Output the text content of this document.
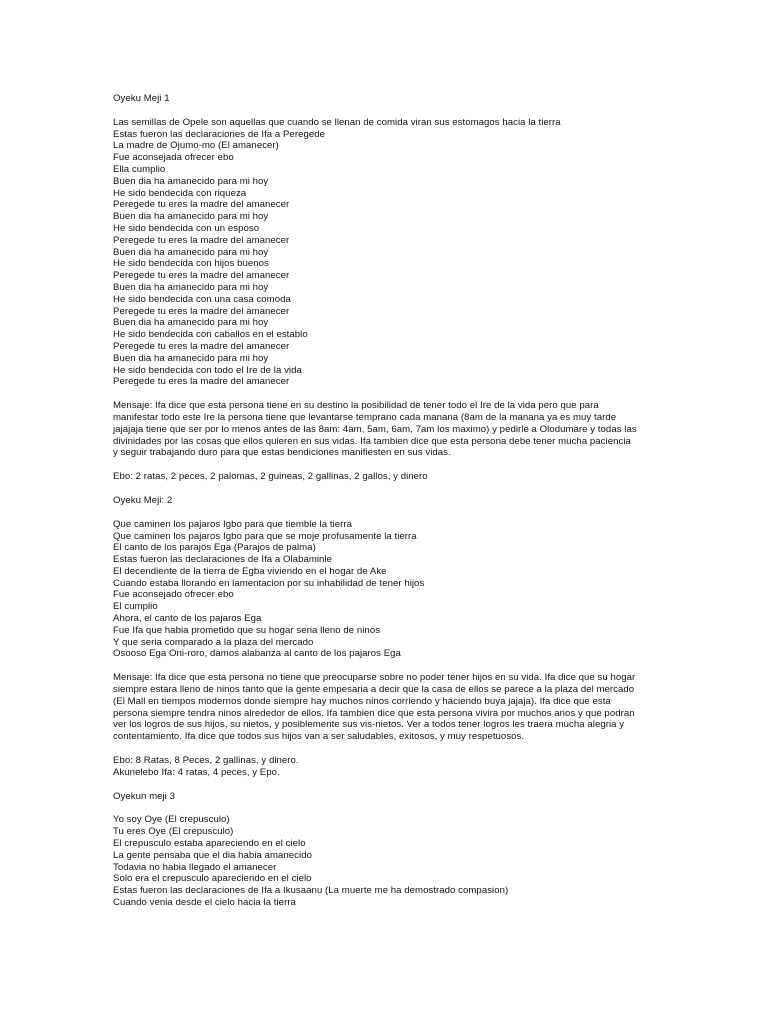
Oyeku Meji 1

Las semillas de Opele son aquellas que cuando se llenan de comida viran sus estomagos hacia la tierra
Estas fueron las declaraciones de Ifa a Peregede
La madre de Ojumo-mo (El amanecer)
Fue aconsejada ofrecer ebo
Ella cumplio
Buen dia ha amanecido para mi hoy
He sido bendecida con riqueza
Peregede tu eres la madre del amanecer
Buen dia ha amanecido para mi hoy
He sido bendecida con un esposo
Peregede tu eres la madre del amanecer
Buen dia ha amanecido para mi hoy
He sido bendecida con hijos buenos
Peregede tu eres la madre del amanecer
Buen dia ha amanecido para mi hoy
He sido bendecida con una casa comoda
Peregede tu eres la madre del amanecer
Buen dia ha amanecido para mi hoy
He sido bendecida con caballos en el establo
Peregede tu eres la madre del amanecer
Buen dia ha amanecido para mi hoy
He sido bendecida con todo el Ire de la vida
Peregede tu eres la madre del amanecer
Mensaje: Ifa dice que esta persona tiene en su destino la posibilidad de tener todo el Ire de la vida pero que para
manifestar todo este Ire la persona tiene que levantarse temprano cada manana (8am de la manana ya es muy tarde
jajajaja tiene que ser por lo menos antes de las 8am: 4am, 5am, 6am, 7am los maximo) y pedirle a Olodumare y todas las
divinidades por las cosas que ellos quieren en sus vidas. Ifa tambien dice que esta persona debe tener mucha paciencia
y seguir trabajando duro para que estas bendiciones manifiesten en sus vidas.
Ebo: 2 ratas, 2 peces, 2 palomas, 2 guineas, 2 gallinas, 2 gallos, y dinero

Oyeku Meji: 2

Que caminen los pajaros Igbo para que tiemble la tierra
Que caminen los pajaros Igbo para que se moje profusamente la tierra
El canto de los parajos Ega (Parajos de palma)
Estas fueron las declaraciones de Ifa a Olabaminle
El decendiente de la tierra de Egba viviendo en el hogar de Ake
Cuando estaba llorando en lamentacion por su inhabilidad de tener hijos
Fue aconsejado ofrecer ebo
El cumplio
Ahora, el canto de los pajaros Ega
Fue Ifa que habia prometido que su hogar seria lleno de ninos
Y que seria comparado a la plaza del mercado
Osooso Ega Oni-roro, damos alabanza al canto de los pajaros Ega
Mensaje: Ifa dice que esta persona no tiene que preocuparse sobre no poder tener hijos en su vida. Ifa dice que su hogar
siempre estara lleno de ninos tanto que la gente empesaria a decir que la casa de ellos se parece a la plaza del mercado
(El Mall en tiempos modernos donde siempre hay muchos ninos corriendo y haciendo buya jajaja). Ifa dice que esta
persona siempre tendra ninos alrededor de ellos. Ifa tambien dice que esta persona vivira por muchos anos y que podran
ver los logros de sus hijos, su nietos, y posiblemente sus vis-nietos. Ver a todos tener logros les traera mucha alegria y
contentamiento. Ifa dice que todos sus hijos van a ser saludables, exitosos, y muy respetuosos.
Ebo: 8 Ratas, 8 Peces, 2 gallinas, y dinero.
Akunelebo Ifa: 4 ratas, 4 peces, y Epo.

Oyekun meji 3

Yo soy Oye (El crepusculo)
Tu eres Oye (El crepusculo)
El crepusculo estaba apareciendo en el cielo
La gente pensaba que el dia habia amanecido
Todavia no habia llegado el amanecer
Solo era el crepusculo apareciendo en el cielo
Estas fueron las declaraciones de Ifa a Ikusaanu (La muerte me ha demostrado compasion)
Cuando venia desde el cielo hacia la tierra
